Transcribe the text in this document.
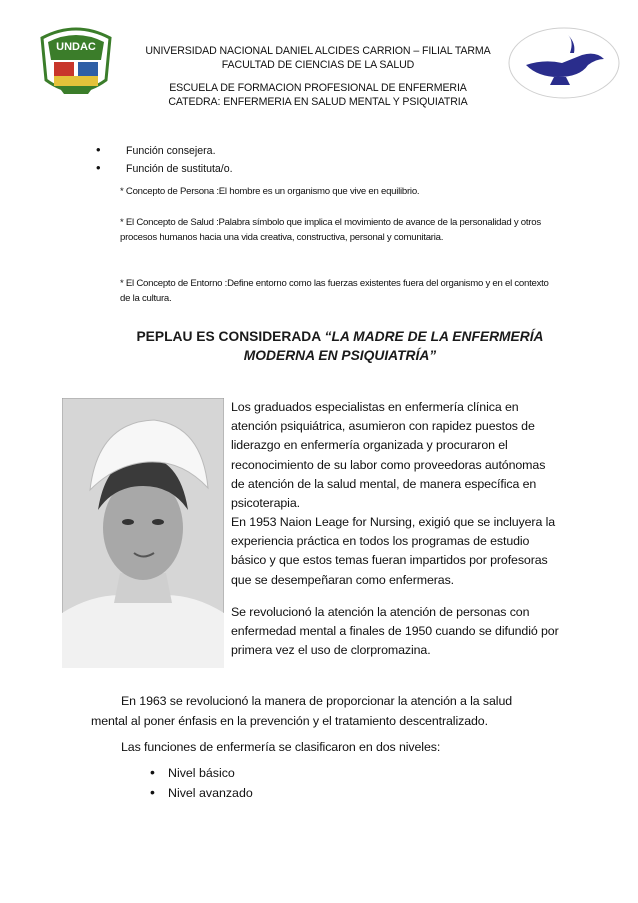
UNDAC	UNIVERSIDAD NACIONAL DANIEL ALCIDES CARRION – FILIAL TARMA
FACULTAD DE CIENCIAS DE LA SALUD
ESCUELA DE FORMACION PROFESIONAL DE ENFERMERIA
CATEDRA: ENFERMERIA EN SALUD MENTAL Y PSIQUIATRIA
• Función consejera.
• Función de sustituta/o.
* Concepto de Persona :El hombre es un organismo que vive en equilibrio.
* El Concepto de Salud :Palabra símbolo que implica el movimiento de avance de la personalidad y otros procesos humanos hacia una vida creativa, constructiva, personal y comunitaria.
* El Concepto de Entorno :Define entorno como las fuerzas existentes fuera del organismo y en el contexto de la cultura.
PEPLAU ES CONSIDERADA “LA MADRE DE LA ENFERMERÍA MODERNA EN PSIQUIATRÍA”
Los graduados especialistas en enfermería clínica en atención psiquiátrica, asumieron con rapidez puestos de liderazgo en enfermería organizada y procuraron el reconocimiento de su labor como proveedoras autónomas de atención de la salud mental, de manera específica en psicoterapia.
En 1953 Naion Leage for Nursing, exigió que se incluyera la experiencia práctica en todos los programas de estudio básico y que estos temas fueran impartidos por profesoras que se desempeñaran como enfermeras.
Se revolucionó la atención la atención de personas con enfermedad mental a finales de 1950 cuando se difundió por primera vez el uso de clorpromazina.
En 1963 se revolucionó la manera de proporcionar la atención a la salud
mental al poner énfasis en la prevención y el tratamiento descentralizado.
Las funciones de enfermería se clasificaron en dos niveles:
• Nivel básico
• Nivel avanzado
